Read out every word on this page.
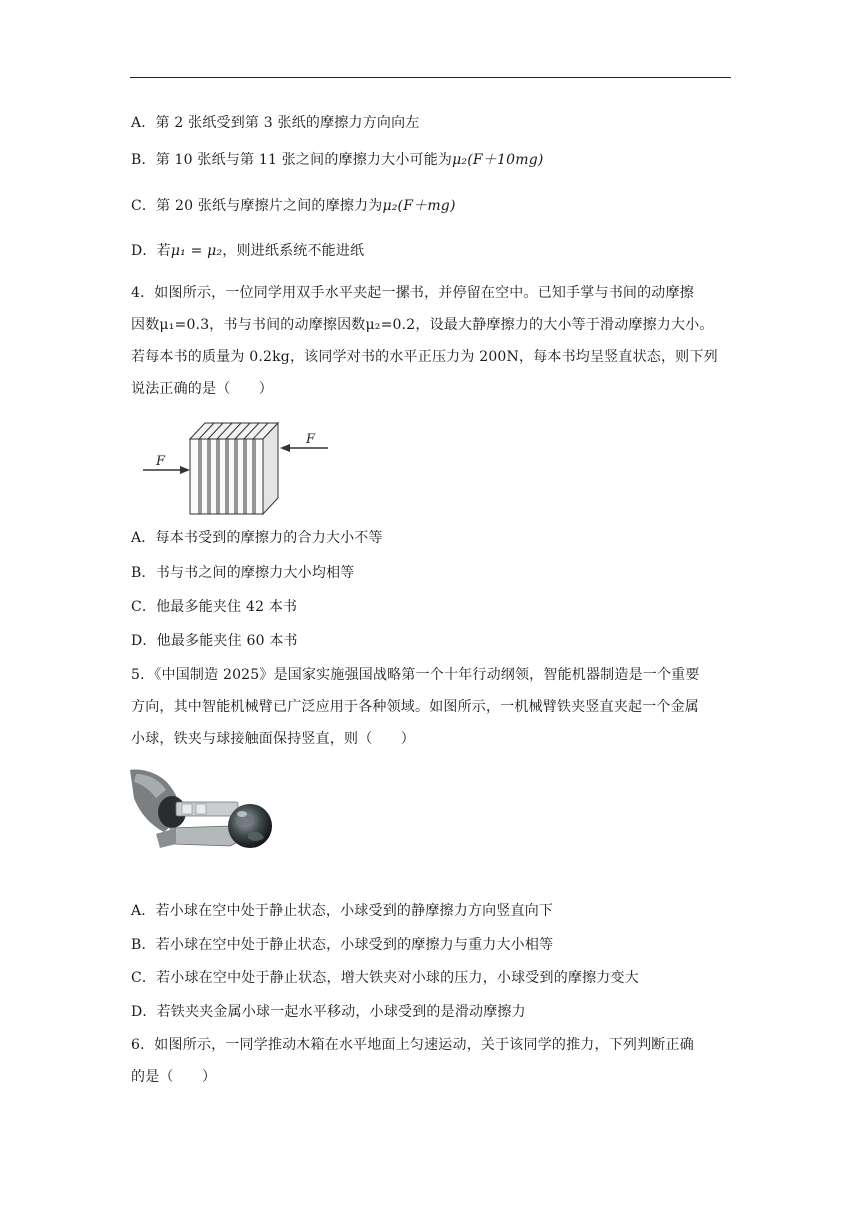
A．第 2 张纸受到第 3 张纸的摩擦力方向向左
B．第 10 张纸与第 11 张之间的摩擦力大小可能为μ₂(F＋10mg)
C．第 20 张纸与摩擦片之间的摩擦力为μ₂(F＋mg)
D．若μ₁ = μ₂，则进纸系统不能进纸
4．如图所示，一位同学用双手水平夹起一摞书，并停留在空中。已知手掌与书间的动摩擦
因数μ₁=0.3，书与书间的动摩擦因数μ₂=0.2，设最大静摩擦力的大小等于滑动摩擦力大小。
若每本书的质量为 0.2kg，该同学对书的水平正压力为 200N，每本书均呈竖直状态，则下列
说法正确的是（　　）
F
F
A．每本书受到的摩擦力的合力大小不等
B．书与书之间的摩擦力大小均相等
C．他最多能夹住 42 本书
D．他最多能夹住 60 本书
5．《中国制造 2025》是国家实施强国战略第一个十年行动纲领，智能机器制造是一个重要
方向，其中智能机械臂已广泛应用于各种领域。如图所示，一机械臂铁夹竖直夹起一个金属
小球，铁夹与球接触面保持竖直，则（　　）
A．若小球在空中处于静止状态，小球受到的静摩擦力方向竖直向下
B．若小球在空中处于静止状态，小球受到的摩擦力与重力大小相等
C．若小球在空中处于静止状态，增大铁夹对小球的压力，小球受到的摩擦力变大
D．若铁夹夹金属小球一起水平移动，小球受到的是滑动摩擦力
6．如图所示，一同学推动木箱在水平地面上匀速运动，关于该同学的推力，下列判断正确
的是（　　）
